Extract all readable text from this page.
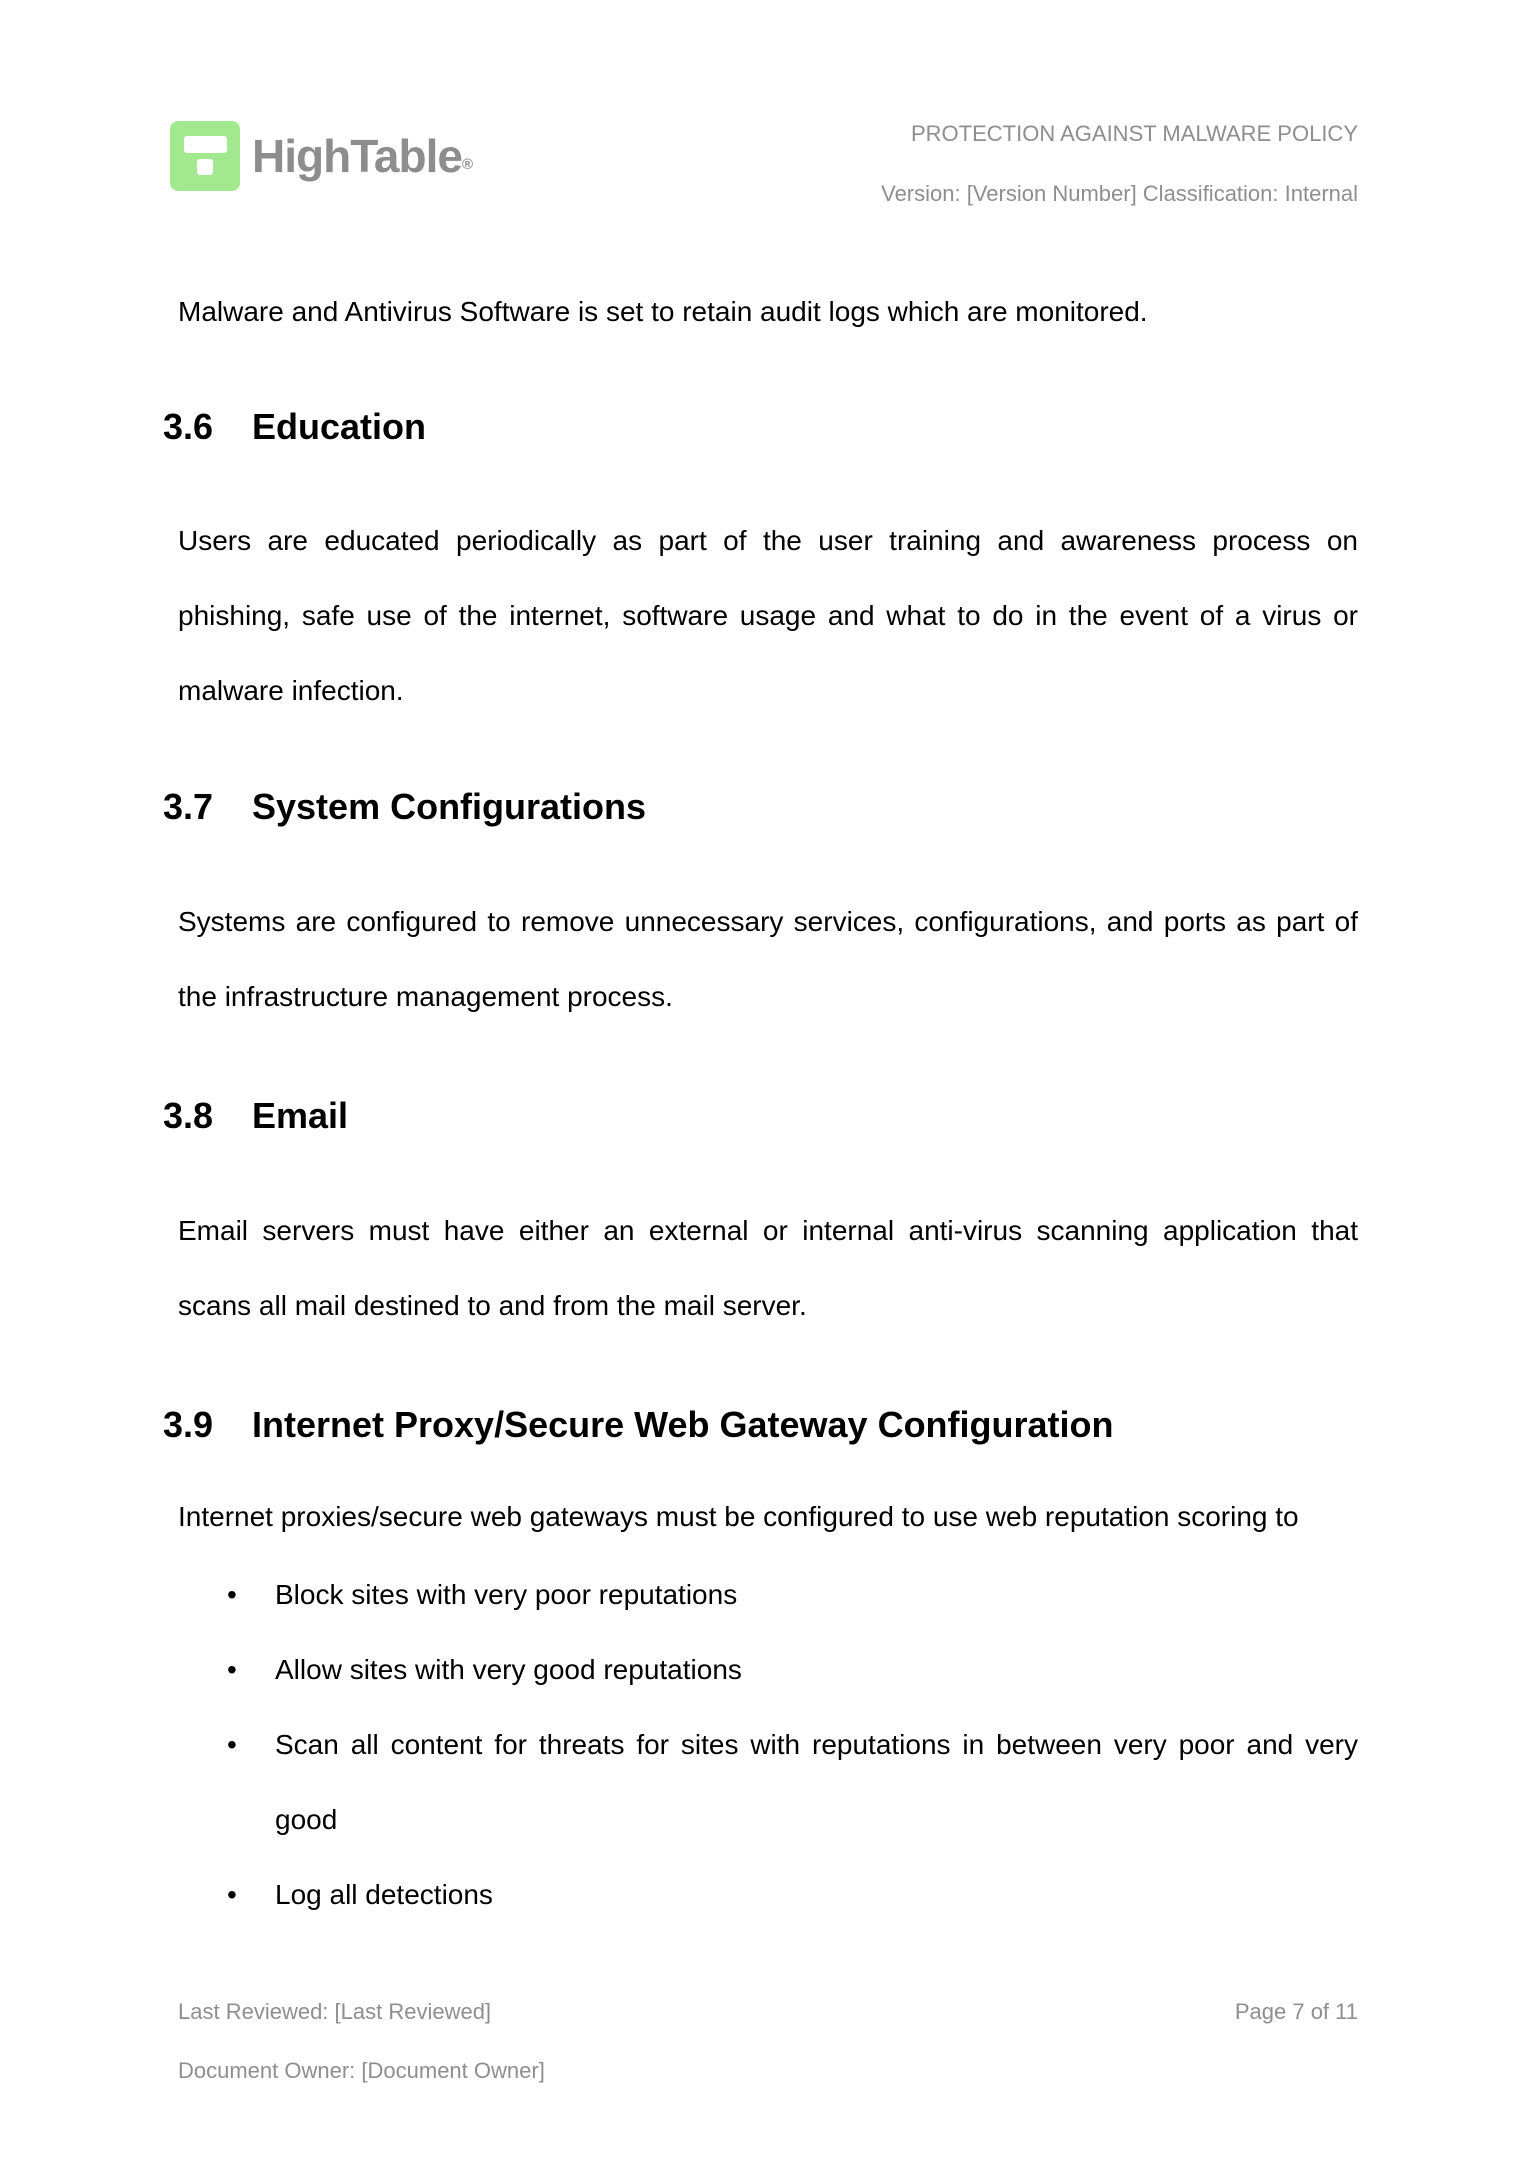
HighTable®
PROTECTION AGAINST MALWARE POLICY
Version: [Version Number] Classification: Internal

Malware and Antivirus Software is set to retain audit logs which are monitored.

3.6	Education

Users are educated periodically as part of the user training and awareness process on phishing, safe use of the internet, software usage and what to do in the event of a virus or malware infection.

3.7	System Configurations

Systems are configured to remove unnecessary services, configurations, and ports as part of the infrastructure management process.

3.8	Email

Email servers must have either an external or internal anti-virus scanning application that scans all mail destined to and from the mail server.

3.9	Internet Proxy/Secure Web Gateway Configuration

Internet proxies/secure web gateways must be configured to use web reputation scoring to

• Block sites with very poor reputations
• Allow sites with very good reputations
• Scan all content for threats for sites with reputations in between very poor and very good
• Log all detections
Last Reviewed: [Last Reviewed]	Page 7 of 11
Document Owner: [Document Owner]
